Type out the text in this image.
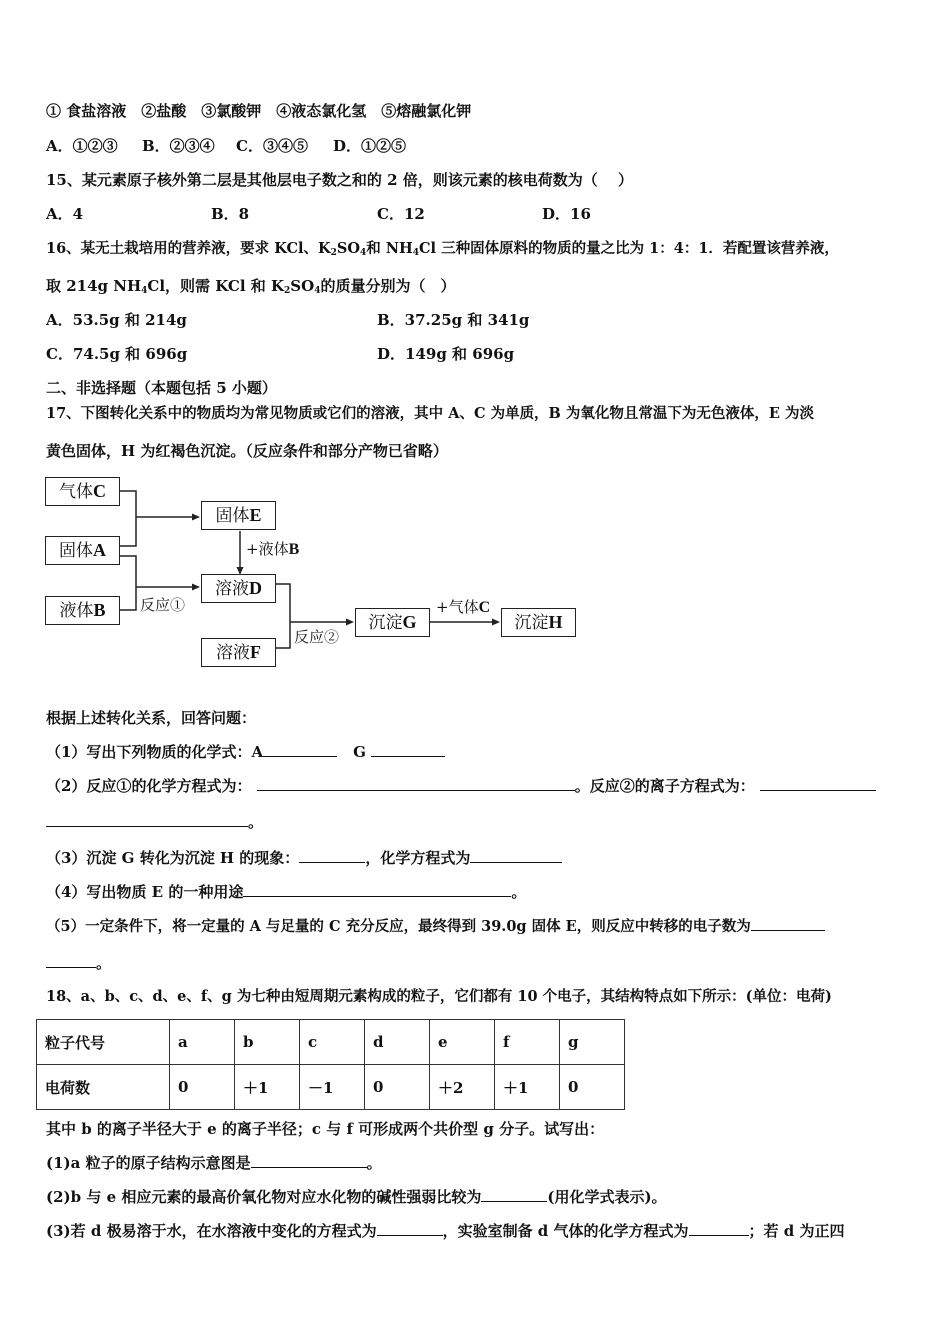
① 食盐溶液　②盐酸　③氯酸钾　④液态氯化氢　⑤熔融氯化钾
A．①②③ B．②③④ C．③④⑤ D．①②⑤
15、某元素原子核外第二层是其他层电子数之和的 2 倍，则该元素的核电荷数为（　 ）
A．4	B．8	C．12	D．16
16、某无土栽培用的营养液，要求 KCl、$K_2SO_4$和 $NH_4Cl$ 三种固体原料的物质的量之比为 1：4：1．若配置该营养液，
取 214g $NH_4Cl$，则需 KCl 和 $K_2SO_4$的质量分别为（　）
A．53.5g 和 214g	B．37.25g 和 341g
C．74.5g 和 696g	D．149g 和 696g
二、非选择题（本题包括 5 小题）
17、下图转化关系中的物质均为常见物质或它们的溶液，其中 A、C 为单质，B 为氧化物且常温下为无色液体，E 为淡
黄色固体，H 为红褐色沉淀。（反应条件和部分产物已省略）
气体C
固体A
液体B
固体E
溶液D
溶液F
沉淀G	沉淀H
+液体B
反应①
反应②
+气体C
根据上述转化关系，回答问题：
（1）写出下列物质的化学式：A	G
（2）反应①的化学方程式为：	。反应②的离子方程式为：
。
（3）沉淀 G 转化为沉淀 H 的现象：	，化学方程式为
（4）写出物质 E 的一种用途	。
（5）一定条件下，将一定量的 A 与足量的 C 充分反应，最终得到 39.0g 固体 E，则反应中转移的电子数为
。
18、a、b、c、d、e、f、g 为七种由短周期元素构成的粒子，它们都有 10 个电子，其结构特点如下所示：(单位：电荷)
粒子代号	a	b	c	d	e	f	g
电荷数	0	＋1	－1	0	＋2	＋1	0
其中 b 的离子半径大于 e 的离子半径；c 与 f 可形成两个共价型 g 分子。试写出：
(1)a 粒子的原子结构示意图是	。
(2)b 与 e 相应元素的最高价氧化物对应水化物的碱性强弱比较为	(用化学式表示)。
(3)若 d 极易溶于水，在水溶液中变化的方程式为	，实验室制备 d 气体的化学方程式为	；若 d 为正四
